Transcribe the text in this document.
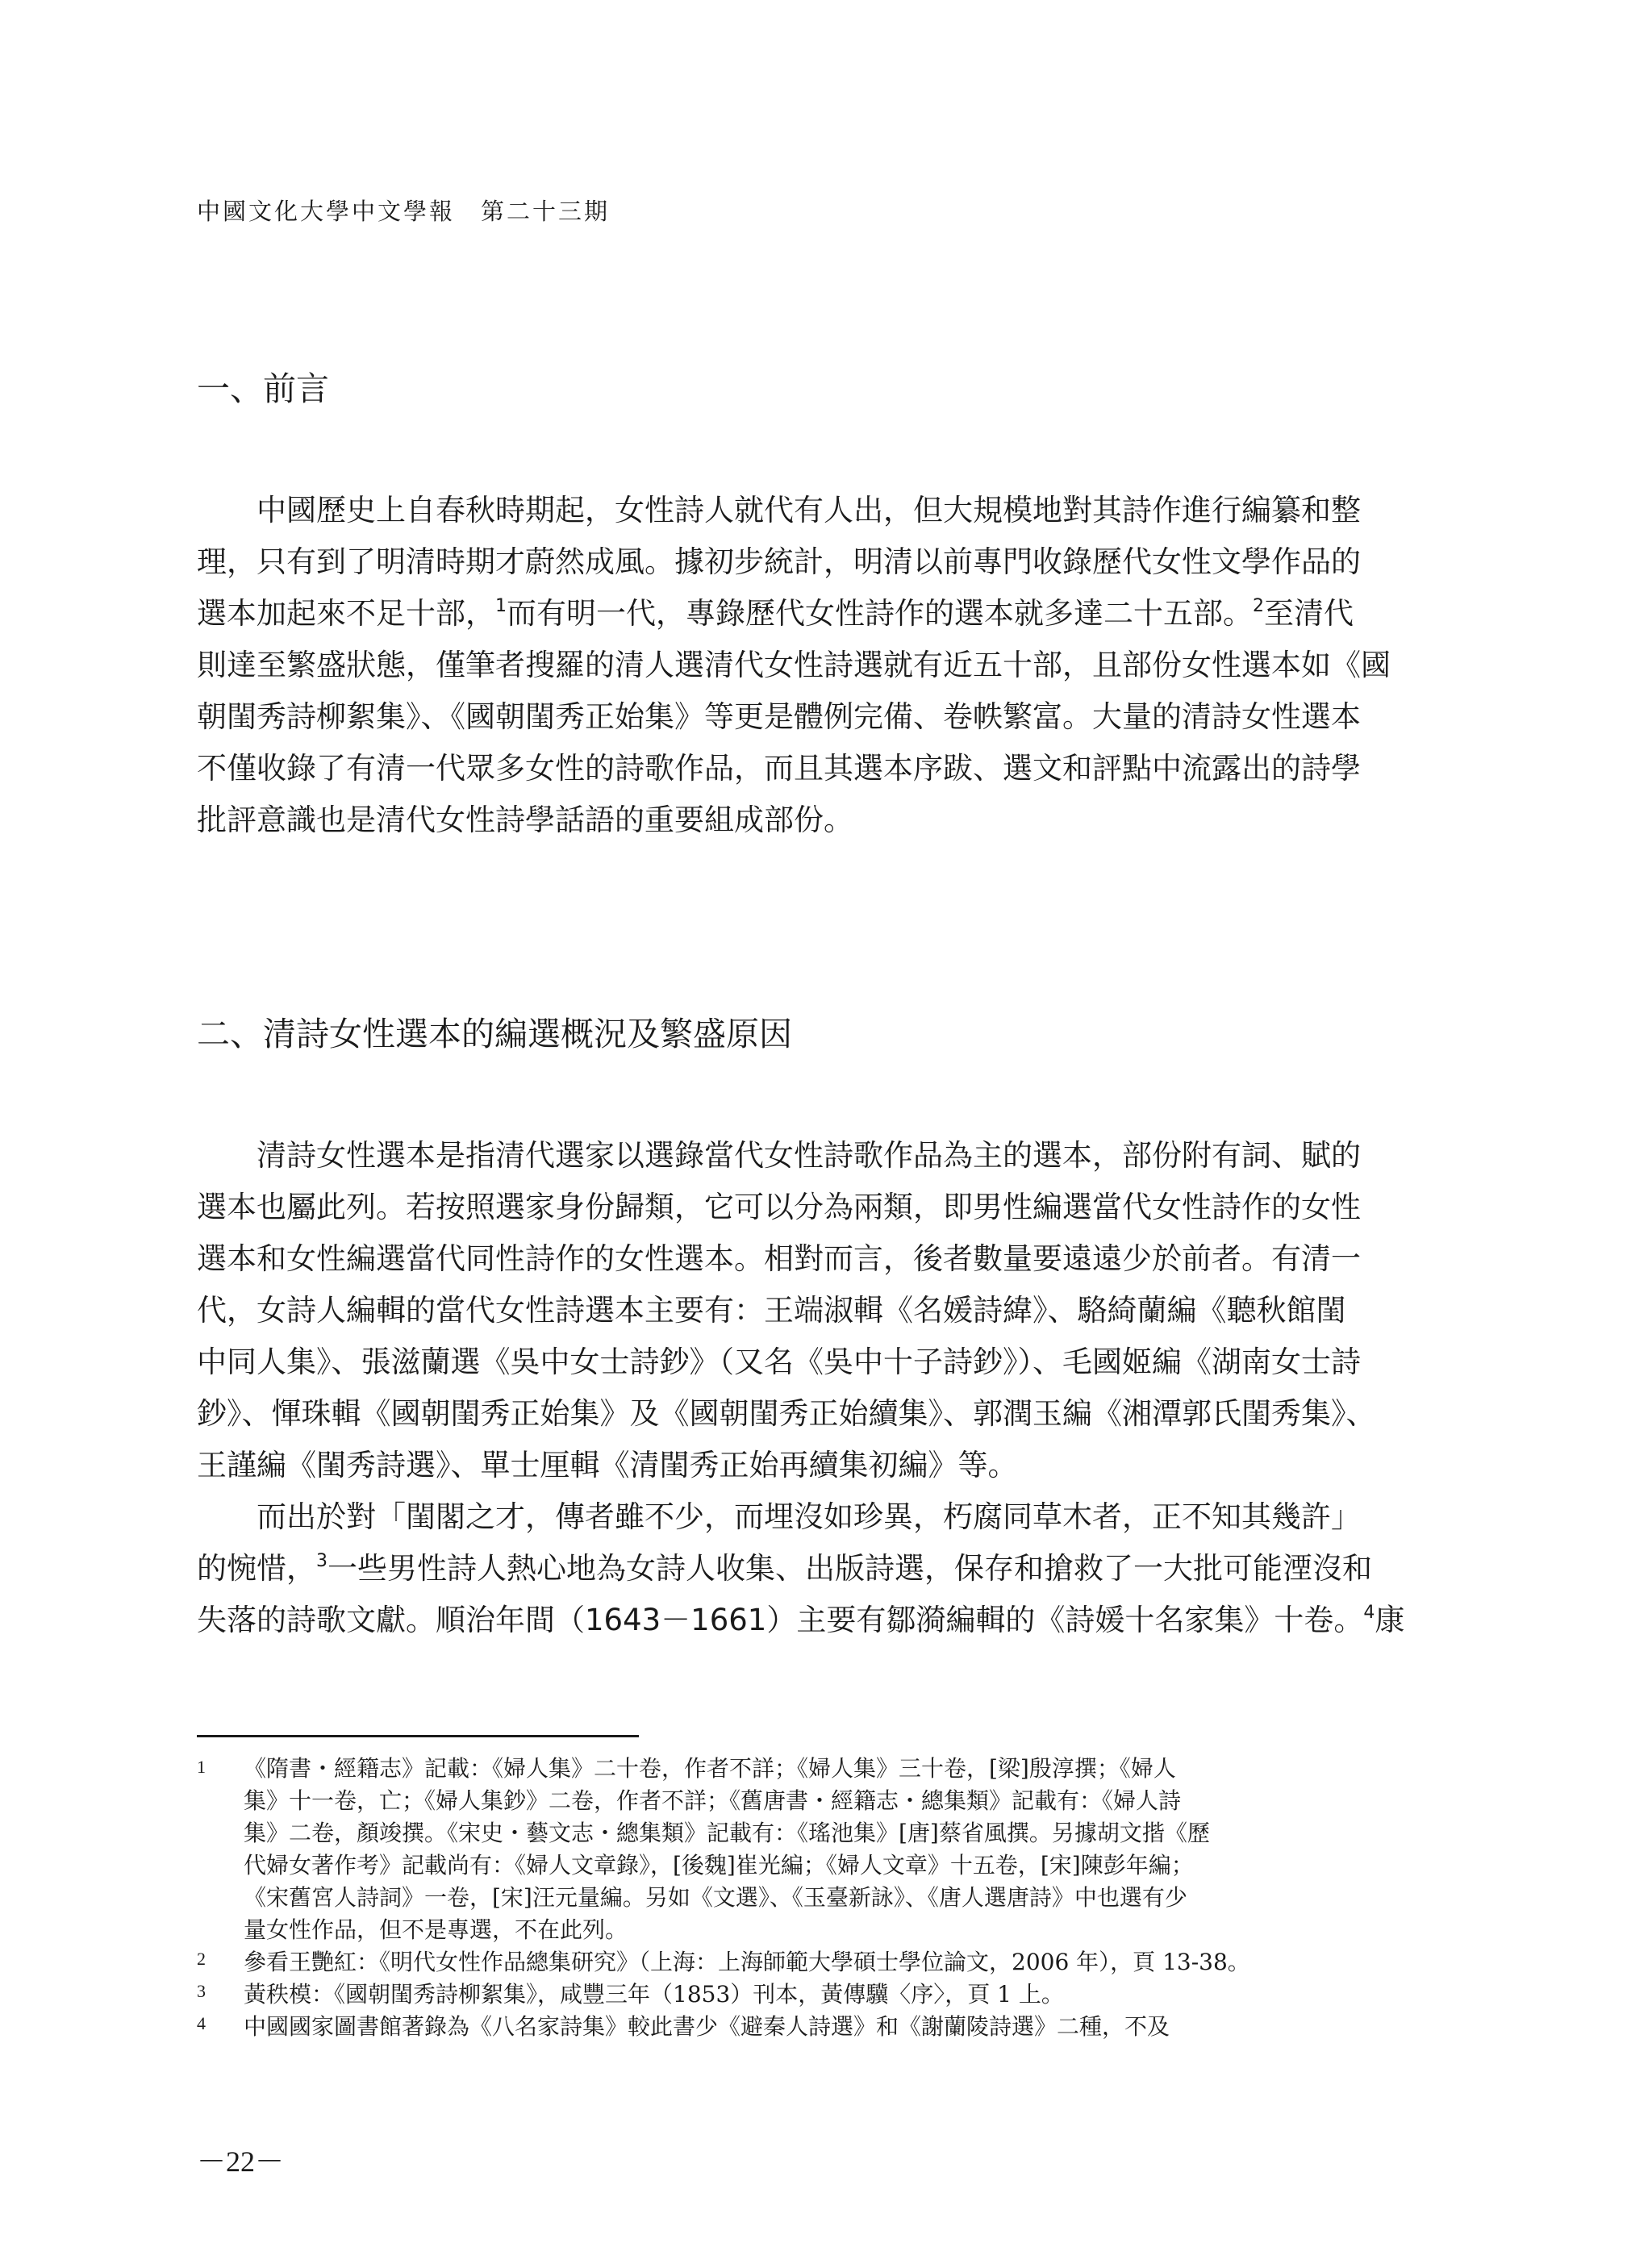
中國文化大學中文學報　第二十三期
一、前言
中國歷史上自春秋時期起，女性詩人就代有人出，但大規模地對其詩作進行編纂和整
理，只有到了明清時期才蔚然成風。據初步統計，明清以前專門收錄歷代女性文學作品的
選本加起來不足十部，$^1$而有明一代，專錄歷代女性詩作的選本就多達二十五部。$^2$至清代
則達至繁盛狀態，僅筆者搜羅的清人選清代女性詩選就有近五十部，且部份女性選本如《國
朝閨秀詩柳絮集》、《國朝閨秀正始集》等更是體例完備、卷帙繁富。大量的清詩女性選本
不僅收錄了有清一代眾多女性的詩歌作品，而且其選本序跋、選文和評點中流露出的詩學
批評意識也是清代女性詩學話語的重要組成部份。
二、清詩女性選本的編選概況及繁盛原因
清詩女性選本是指清代選家以選錄當代女性詩歌作品為主的選本，部份附有詞、賦的
選本也屬此列。若按照選家身份歸類，它可以分為兩類，即男性編選當代女性詩作的女性
選本和女性編選當代同性詩作的女性選本。相對而言，後者數量要遠遠少於前者。有清一
代，女詩人編輯的當代女性詩選本主要有：王端淑輯《名媛詩緯》、駱綺蘭編《聽秋館閨
中同人集》、張滋蘭選《吳中女士詩鈔》（又名《吳中十子詩鈔》）、毛國姬編《湖南女士詩
鈔》、惲珠輯《國朝閨秀正始集》及《國朝閨秀正始續集》、郭潤玉編《湘潭郭氏閨秀集》、
王謹編《閨秀詩選》、單士厘輯《清閨秀正始再續集初編》等。
而出於對「閨閣之才，傳者雖不少，而埋沒如珍異，朽腐同草木者，正不知其幾許」
的惋惜，$^3$一些男性詩人熱心地為女詩人收集、出版詩選，保存和搶救了一大批可能湮沒和
失落的詩歌文獻。順治年間（1643－1661）主要有鄒漪編輯的《詩媛十名家集》十卷。$^4$康
1 《隋書・經籍志》記載：《婦人集》二十卷，作者不詳；《婦人集》三十卷，[梁]殷淳撰；《婦人
集》十一卷，亡；《婦人集鈔》二卷，作者不詳；《舊唐書・經籍志・總集類》記載有：《婦人詩
集》二卷，顏竣撰。《宋史・藝文志・總集類》記載有：《瑤池集》[唐]蔡省風撰。另據胡文揩《歷
代婦女著作考》記載尚有：《婦人文章錄》，[後魏]崔光編；《婦人文章》十五卷，[宋]陳彭年編；
《宋舊宮人詩詞》一卷，[宋]汪元量編。另如《文選》、《玉臺新詠》、《唐人選唐詩》中也選有少
量女性作品，但不是專選，不在此列。
2 參看王艷紅：《明代女性作品總集研究》（上海：上海師範大學碩士學位論文，2006 年），頁 13-38。
3 黃秩模：《國朝閨秀詩柳絮集》，咸豐三年（1853）刊本，黃傳驥〈序〉，頁 1 上。
4 中國國家圖書館著錄為《八名家詩集》較此書少《避秦人詩選》和《謝蘭陵詩選》二種，不及
－22－
